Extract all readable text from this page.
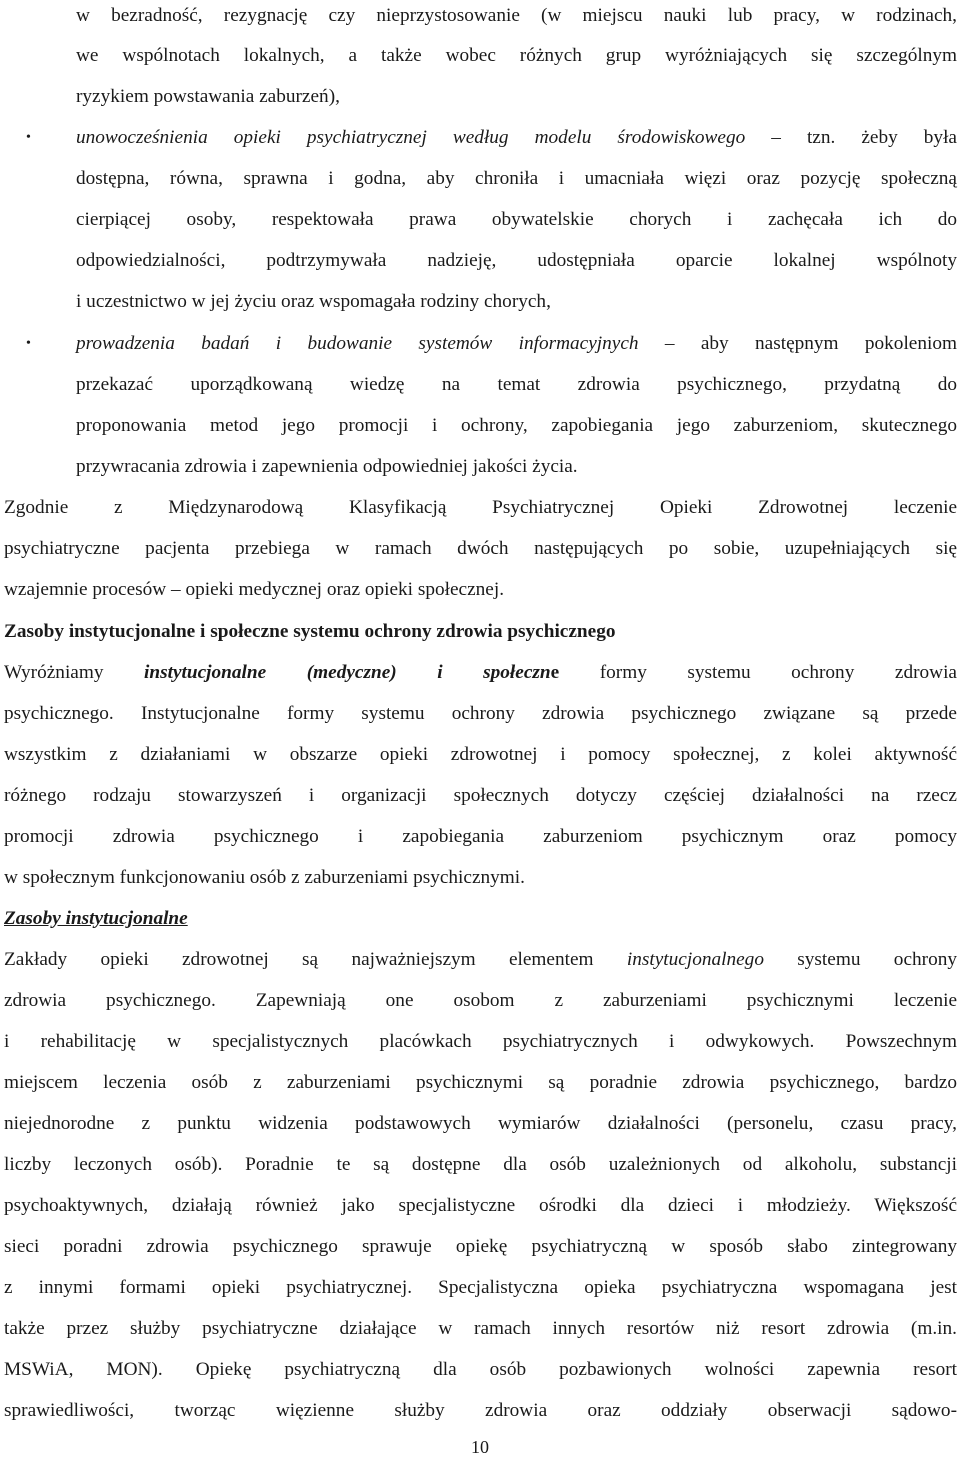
w bezradność, rezygnację czy nieprzystosowanie (w miejscu nauki lub pracy, w rodzinach,
we wspólnotach lokalnych, a także wobec różnych grup wyróżniających się szczególnym
ryzykiem powstawania zaburzeń),
• unowocześnienia opieki psychiatrycznej według modelu środowiskowego – tzn. żeby była
dostępna, równa, sprawna i godna, aby chroniła i umacniała więzi oraz pozycję społeczną
cierpiącej osoby, respektowała prawa obywatelskie chorych i zachęcała ich do
odpowiedzialności, podtrzymywała nadzieję, udostępniała oparcie lokalnej wspólnoty
i uczestnictwo w jej życiu oraz wspomagała rodziny chorych,
• prowadzenia badań i budowanie systemów informacyjnych – aby następnym pokoleniom
przekazać uporządkowaną wiedzę na temat zdrowia psychicznego, przydatną do
proponowania metod jego promocji i ochrony, zapobiegania jego zaburzeniom, skutecznego
przywracania zdrowia i zapewnienia odpowiedniej jakości życia.
Zgodnie z Międzynarodową Klasyfikacją Psychiatrycznej Opieki Zdrowotnej leczenie
psychiatryczne pacjenta przebiega w ramach dwóch następujących po sobie, uzupełniających się
wzajemnie procesów – opieki medycznej oraz opieki społecznej.
Zasoby instytucjonalne i społeczne systemu ochrony zdrowia psychicznego
Wyróżniamy instytucjonalne (medyczne) i społeczne formy systemu ochrony zdrowia
psychicznego. Instytucjonalne formy systemu ochrony zdrowia psychicznego związane są przede
wszystkim z działaniami w obszarze opieki zdrowotnej i pomocy społecznej, z kolei aktywność
różnego rodzaju stowarzyszeń i organizacji społecznych dotyczy częściej działalności na rzecz
promocji zdrowia psychicznego i zapobiegania zaburzeniom psychicznym oraz pomocy
w społecznym funkcjonowaniu osób z zaburzeniami psychicznymi.
Zasoby instytucjonalne
Zakłady opieki zdrowotnej są najważniejszym elementem instytucjonalnego systemu ochrony
zdrowia psychicznego. Zapewniają one osobom z zaburzeniami psychicznymi leczenie
i rehabilitację w specjalistycznych placówkach psychiatrycznych i odwykowych. Powszechnym
miejscem leczenia osób z zaburzeniami psychicznymi są poradnie zdrowia psychicznego, bardzo
niejednorodne z punktu widzenia podstawowych wymiarów działalności (personelu, czasu pracy,
liczby leczonych osób). Poradnie te są dostępne dla osób uzależnionych od alkoholu, substancji
psychoaktywnych, działają również jako specjalistyczne ośrodki dla dzieci i młodzieży. Większość
sieci poradni zdrowia psychicznego sprawuje opiekę psychiatryczną w sposób słabo zintegrowany
z innymi formami opieki psychiatrycznej. Specjalistyczna opieka psychiatryczna wspomagana jest
także przez służby psychiatryczne działające w ramach innych resortów niż resort zdrowia (m.in.
MSWiA, MON). Opiekę psychiatryczną dla osób pozbawionych wolności zapewnia resort
sprawiedliwości, tworząc więzienne służby zdrowia oraz oddziały obserwacji sądowo-
10
